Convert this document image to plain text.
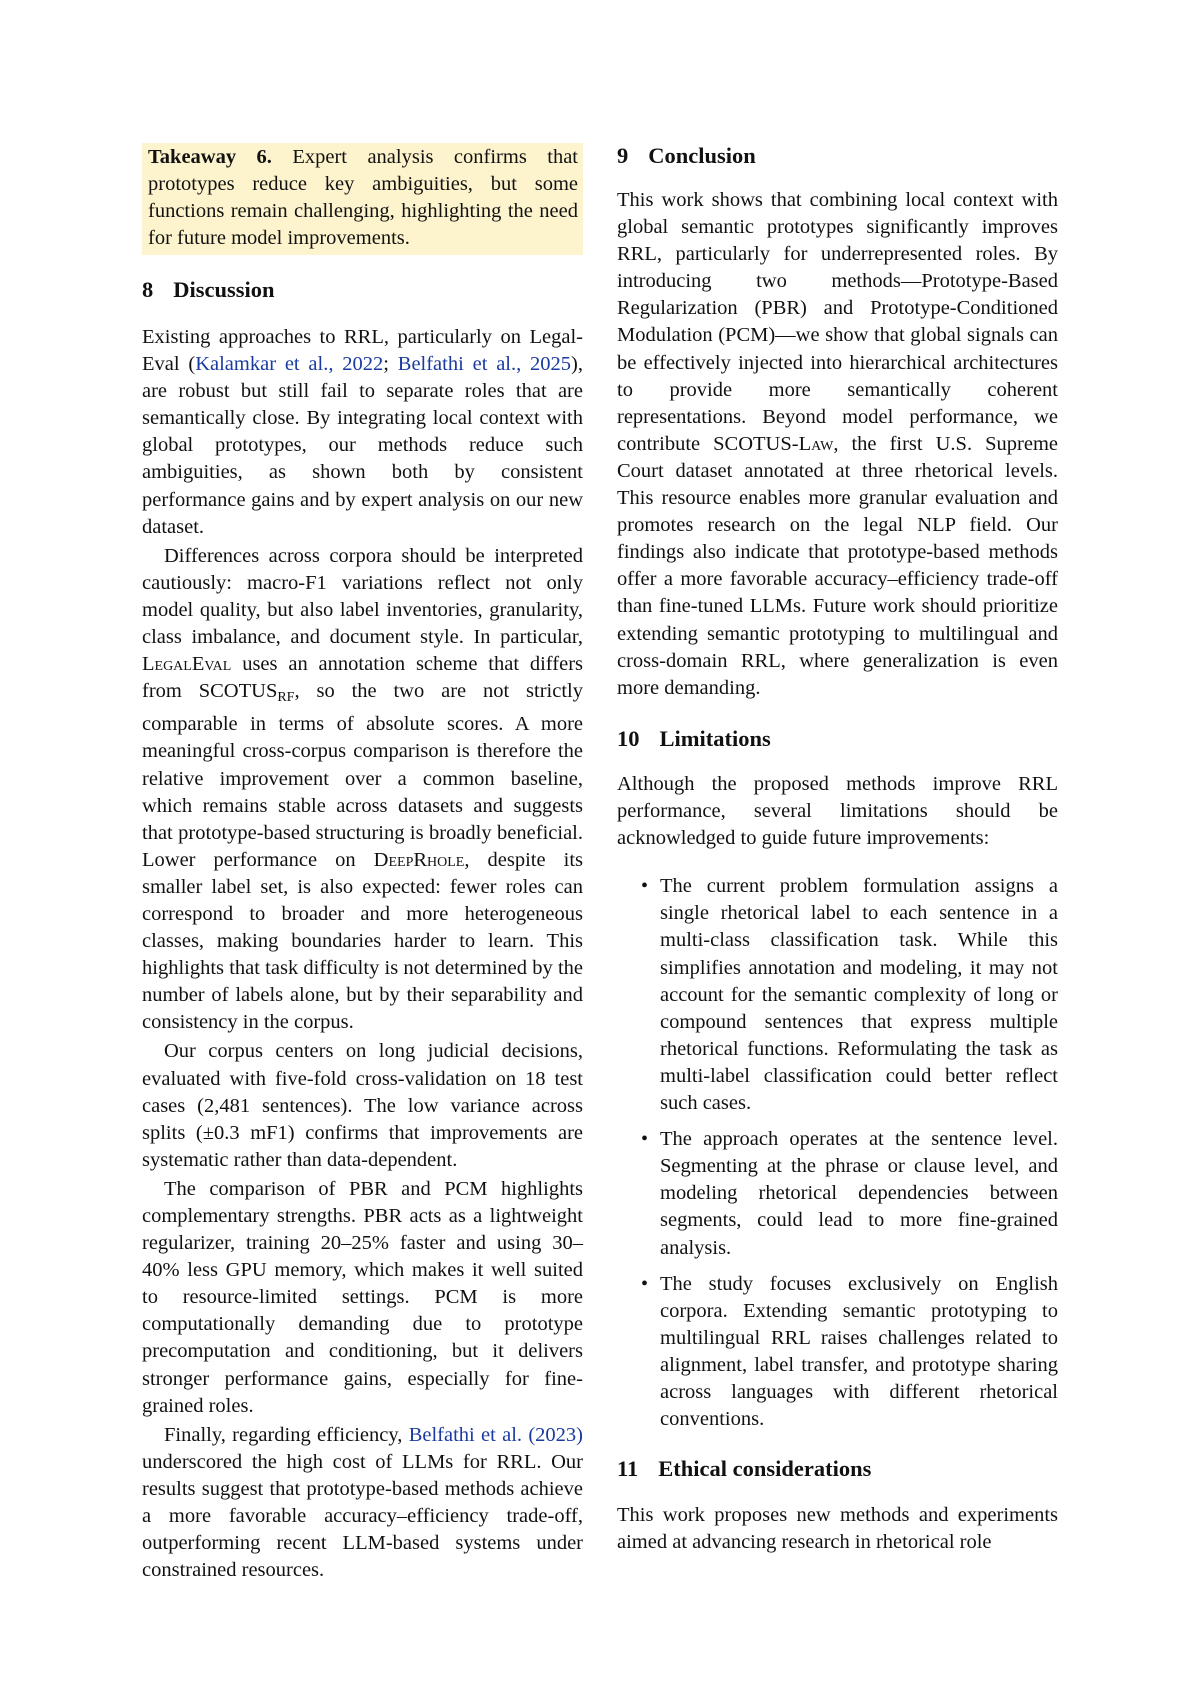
Takeaway 6. Expert analysis confirms that prototypes reduce key ambiguities, but some functions remain challenging, highlighting the need for future model improvements.

8 Discussion

Existing approaches to RRL, particularly on Legal-Eval (Kalamkar et al., 2022; Belfathi et al., 2025), are robust but still fail to separate roles that are semantically close. By integrating local context with global prototypes, our methods reduce such ambiguities, as shown both by consistent performance gains and by expert analysis on our new dataset.

Differences across corpora should be interpreted cautiously: macro-F1 variations reflect not only model quality, but also label inventories, granularity, class imbalance, and document style. In particular, LegalEval uses an annotation scheme that differs from $SCOTUS_{RF}$, so the two are not strictly comparable in terms of absolute scores. A more meaningful cross-corpus comparison is therefore the relative improvement over a common baseline, which remains stable across datasets and suggests that prototype-based structuring is broadly beneficial. Lower performance on DeepRhole, despite its smaller label set, is also expected: fewer roles can correspond to broader and more heterogeneous classes, making boundaries harder to learn. This highlights that task difficulty is not determined by the number of labels alone, but by their separability and consistency in the corpus.

Our corpus centers on long judicial decisions, evaluated with five-fold cross-validation on 18 test cases (2,481 sentences). The low variance across splits (±0.3 mF1) confirms that improvements are systematic rather than data-dependent.

The comparison of PBR and PCM highlights complementary strengths. PBR acts as a lightweight regularizer, training 20–25% faster and using 30–40% less GPU memory, which makes it well suited to resource-limited settings. PCM is more computationally demanding due to prototype precomputation and conditioning, but it delivers stronger performance gains, especially for fine-grained roles.

Finally, regarding efficiency, Belfathi et al. (2023) underscored the high cost of LLMs for RRL. Our results suggest that prototype-based methods achieve a more favorable accuracy–efficiency trade-off, outperforming recent LLM-based systems under constrained resources.

9 Conclusion

This work shows that combining local context with global semantic prototypes significantly improves RRL, particularly for underrepresented roles. By introducing two methods—Prototype-Based Regularization (PBR) and Prototype-Conditioned Modulation (PCM)—we show that global signals can be effectively injected into hierarchical architectures to provide more semantically coherent representations. Beyond model performance, we contribute SCOTUS-Law, the first U.S. Supreme Court dataset annotated at three rhetorical levels. This resource enables more granular evaluation and promotes research on the legal NLP field. Our findings also indicate that prototype-based methods offer a more favorable accuracy–efficiency trade-off than fine-tuned LLMs. Future work should prioritize extending semantic prototyping to multilingual and cross-domain RRL, where generalization is even more demanding.

10 Limitations

Although the proposed methods improve RRL performance, several limitations should be acknowledged to guide future improvements:

• The current problem formulation assigns a single rhetorical label to each sentence in a multi-class classification task. While this simplifies annotation and modeling, it may not account for the semantic complexity of long or compound sentences that express multiple rhetorical functions. Reformulating the task as multi-label classification could better reflect such cases.
• The approach operates at the sentence level. Segmenting at the phrase or clause level, and modeling rhetorical dependencies between segments, could lead to more fine-grained analysis.
• The study focuses exclusively on English corpora. Extending semantic prototyping to multilingual RRL raises challenges related to alignment, label transfer, and prototype sharing across languages with different rhetorical conventions.
11 Ethical considerations

This work proposes new methods and experiments aimed at advancing research in rhetorical role
